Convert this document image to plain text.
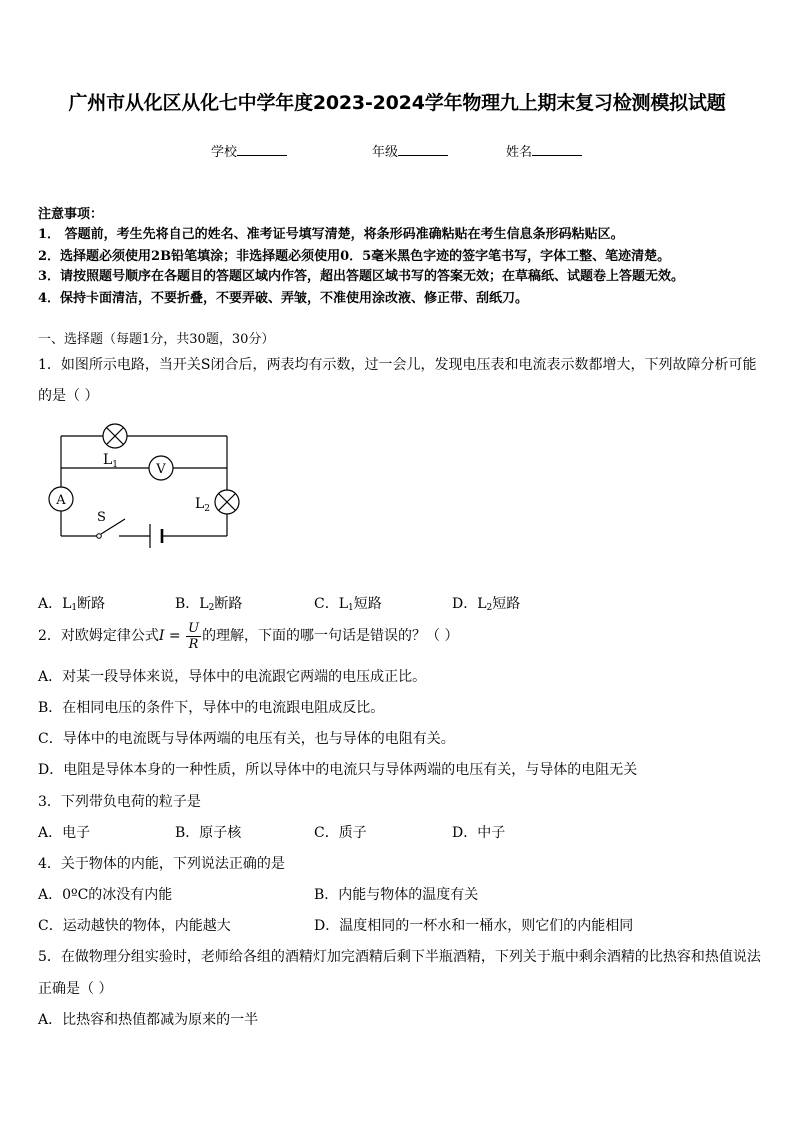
广州市从化区从化七中学年度2023-2024学年物理九上期末复习检测模拟试题
学校	年级	姓名
注意事项：
1． 答题前，考生先将自己的姓名、准考证号填写清楚，将条形码准确粘贴在考生信息条形码粘贴区。
2．选择题必须使用2B铅笔填涂；非选择题必须使用0．5毫米黑色字迹的签字笔书写，字体工整、笔迹清楚。
3．请按照题号顺序在各题目的答题区域内作答，超出答题区域书写的答案无效；在草稿纸、试题卷上答题无效。
4．保持卡面清洁，不要折叠，不要弄破、弄皱，不准使用涂改液、修正带、刮纸刀。
一、选择题（每题1分，共30题，30分）
1．如图所示电路，当开关S闭合后，两表均有示数，过一会儿，发现电压表和电流表示数都增大，下列故障分析可能
的是（ ）
$L_1$	V
A	$L_2$
S
A．$L_1$断路	B．$L_2$断路	C．$L_1$短路	D．$L_2$短路
2．对欧姆定律公式$I = \frac{U}{R}$ 的理解，下面的哪一句话是错误的？（ ）
A．对某一段导体来说，导体中的电流跟它两端的电压成正比。
B．在相同电压的条件下，导体中的电流跟电阻成反比。
C．导体中的电流既与导体两端的电压有关，也与导体的电阻有关。
D．电阻是导体本身的一种性质，所以导体中的电流只与导体两端的电压有关，与导体的电阻无关
3．下列带负电荷的粒子是
A．电子	B．原子核	C．质子	D．中子
4．关于物体的内能，下列说法正确的是
A．0ºC的冰没有内能	B．内能与物体的温度有关
C．运动越快的物体，内能越大	D．温度相同的一杯水和一桶水，则它们的内能相同
5．在做物理分组实验时，老师给各组的酒精灯加完酒精后剩下半瓶酒精，下列关于瓶中剩余酒精的比热容和热值说法
正确是（ ）
A．比热容和热值都减为原来的一半
